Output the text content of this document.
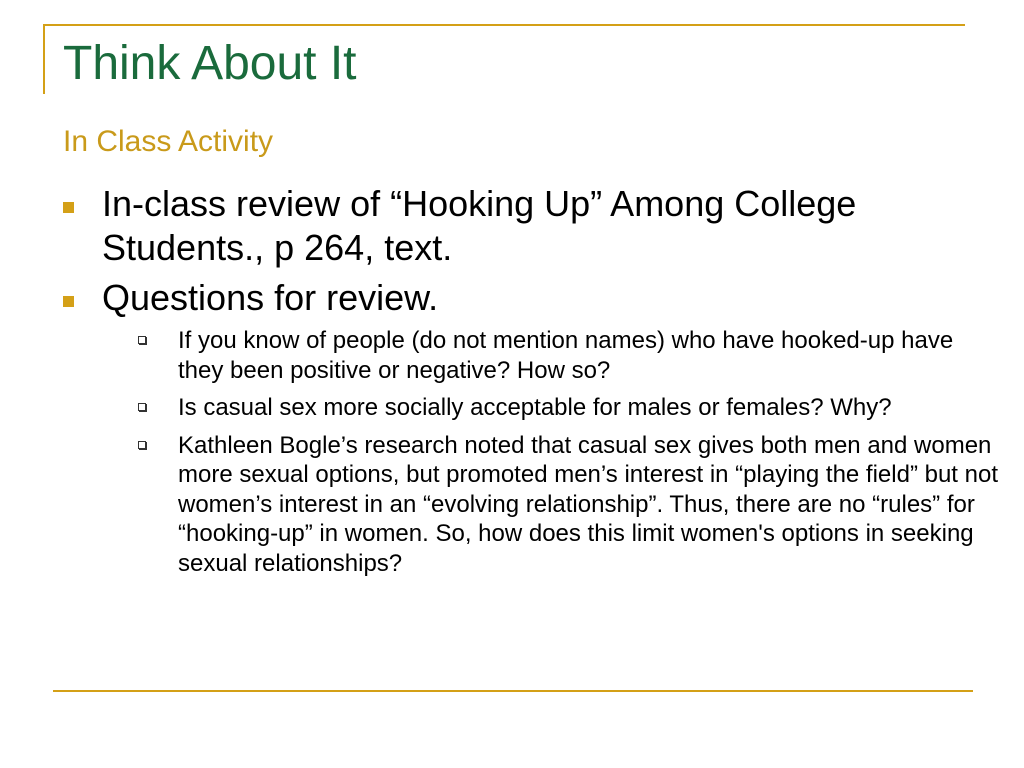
Think About It
In Class Activity
In-class review of “Hooking Up” Among College Students., p 264, text.
Questions for review.
If you know of people (do not mention names) who have hooked-up have they been positive or negative? How so?
Is casual sex more socially acceptable for males or females? Why?
Kathleen Bogle’s research noted that casual sex gives both men and women more sexual options, but promoted men’s interest in “playing the field” but not women’s interest in an “evolving relationship”. Thus, there are no “rules” for “hooking-up” in women. So, how does this limit women's options in seeking sexual relationships?
